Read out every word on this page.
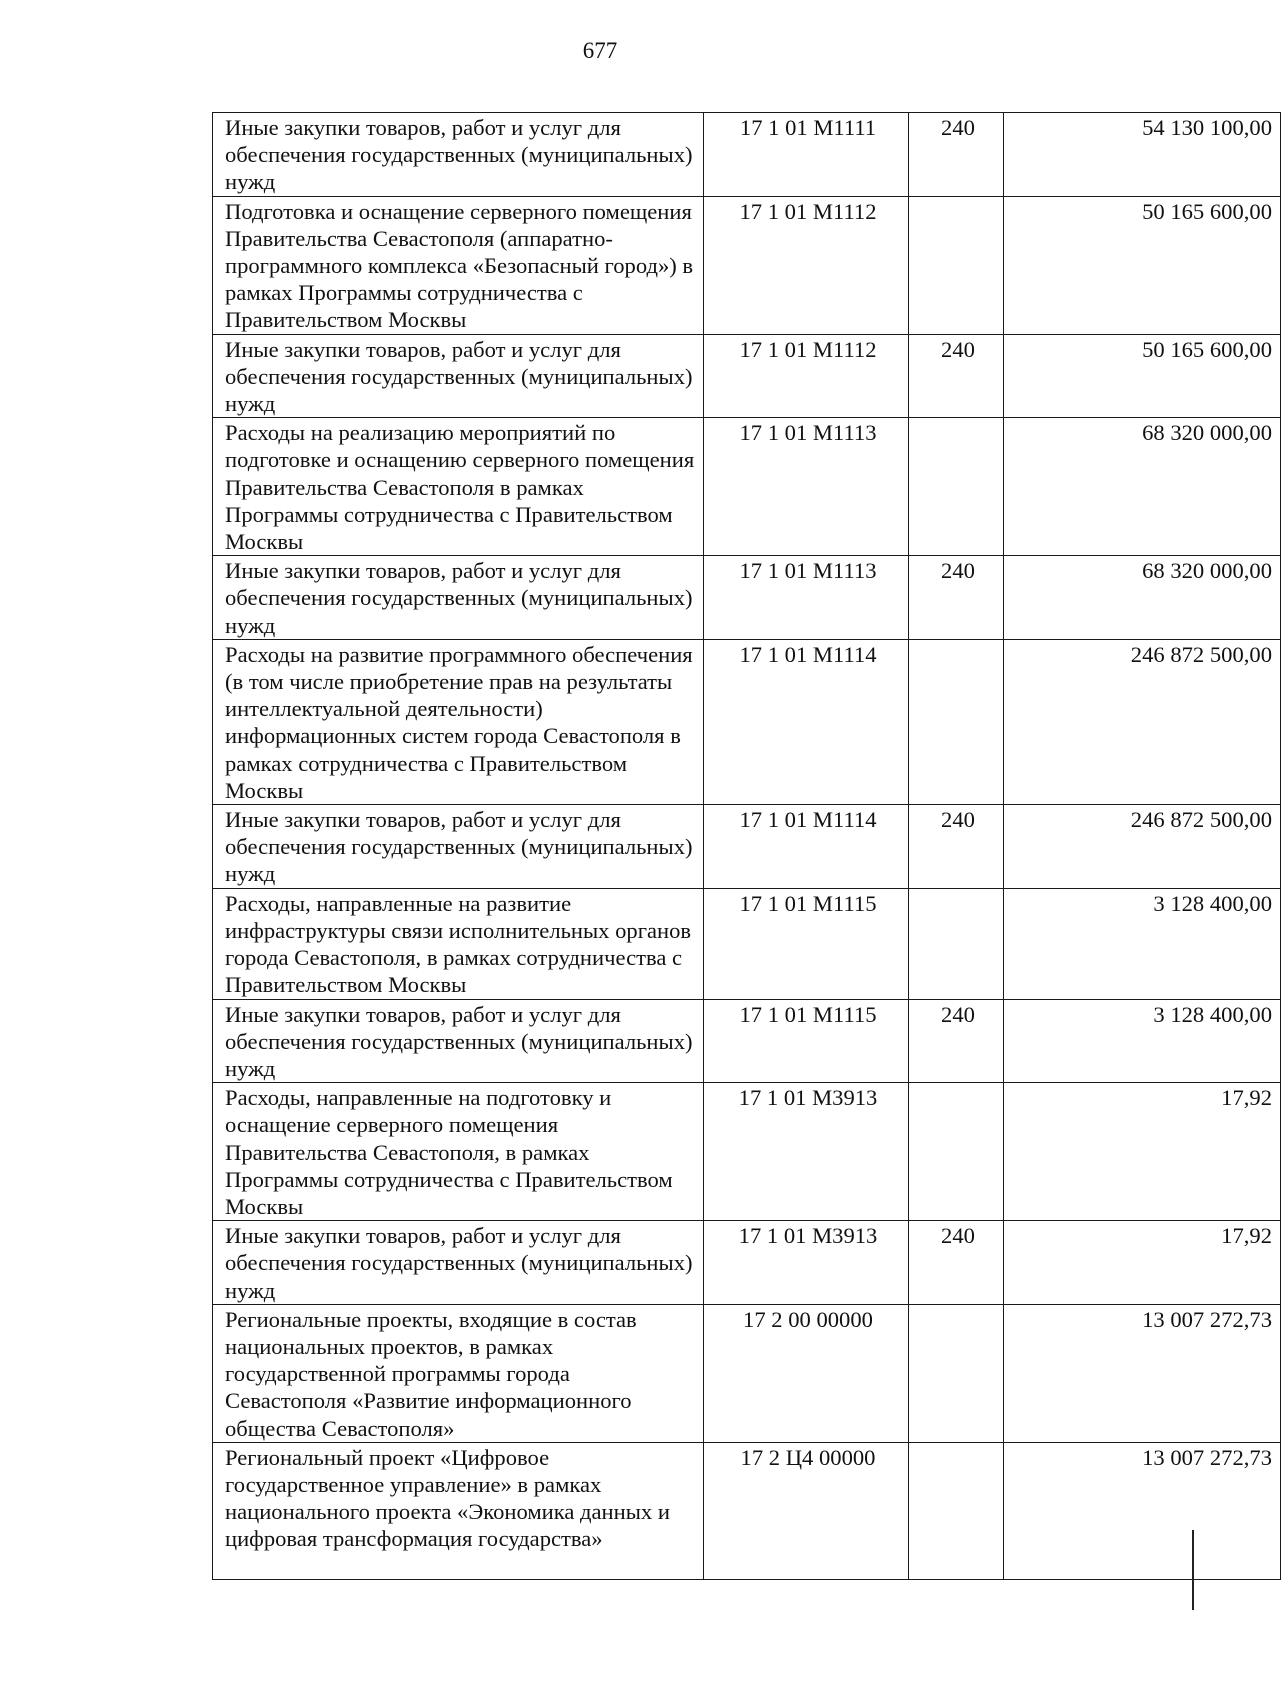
677
Иные закупки товаров, работ и услуг для обеспечения государственных (муниципальных) нужд	17 1 01 М1111	240	54 130 100,00
Подготовка и оснащение серверного помещения Правительства Севастополя (аппаратно-программного комплекса «Безопасный город») в рамках Программы сотрудничества с Правительством Москвы	17 1 01 М1112		50 165 600,00
Иные закупки товаров, работ и услуг для обеспечения государственных (муниципальных) нужд	17 1 01 М1112	240	50 165 600,00
Расходы на реализацию мероприятий по подготовке и оснащению серверного помещения Правительства Севастополя в рамках Программы сотрудничества с Правительством Москвы	17 1 01 М1113		68 320 000,00
Иные закупки товаров, работ и услуг для обеспечения государственных (муниципальных) нужд	17 1 01 М1113	240	68 320 000,00
Расходы на развитие программного обеспечения (в том числе приобретение прав на результаты интеллектуальной деятельности) информационных систем города Севастополя в рамках сотрудничества с Правительством Москвы	17 1 01 М1114		246 872 500,00
Иные закупки товаров, работ и услуг для обеспечения государственных (муниципальных) нужд	17 1 01 М1114	240	246 872 500,00
Расходы, направленные на развитие инфраструктуры связи исполнительных органов города Севастополя, в рамках сотрудничества с Правительством Москвы	17 1 01 М1115		3 128 400,00
Иные закупки товаров, работ и услуг для обеспечения государственных (муниципальных) нужд	17 1 01 М1115	240	3 128 400,00
Расходы, направленные на подготовку и оснащение серверного помещения Правительства Севастополя, в рамках Программы сотрудничества с Правительством Москвы	17 1 01 М3913		17,92
Иные закупки товаров, работ и услуг для обеспечения государственных (муниципальных) нужд	17 1 01 М3913	240	17,92
Региональные проекты, входящие в состав национальных проектов, в рамках государственной программы города Севастополя «Развитие информационного общества Севастополя»	17 2 00 00000		13 007 272,73
Региональный проект «Цифровое государственное управление» в рамках национального проекта «Экономика данных и цифровая трансформация государства»	17 2 Ц4 00000		13 007 272,73
